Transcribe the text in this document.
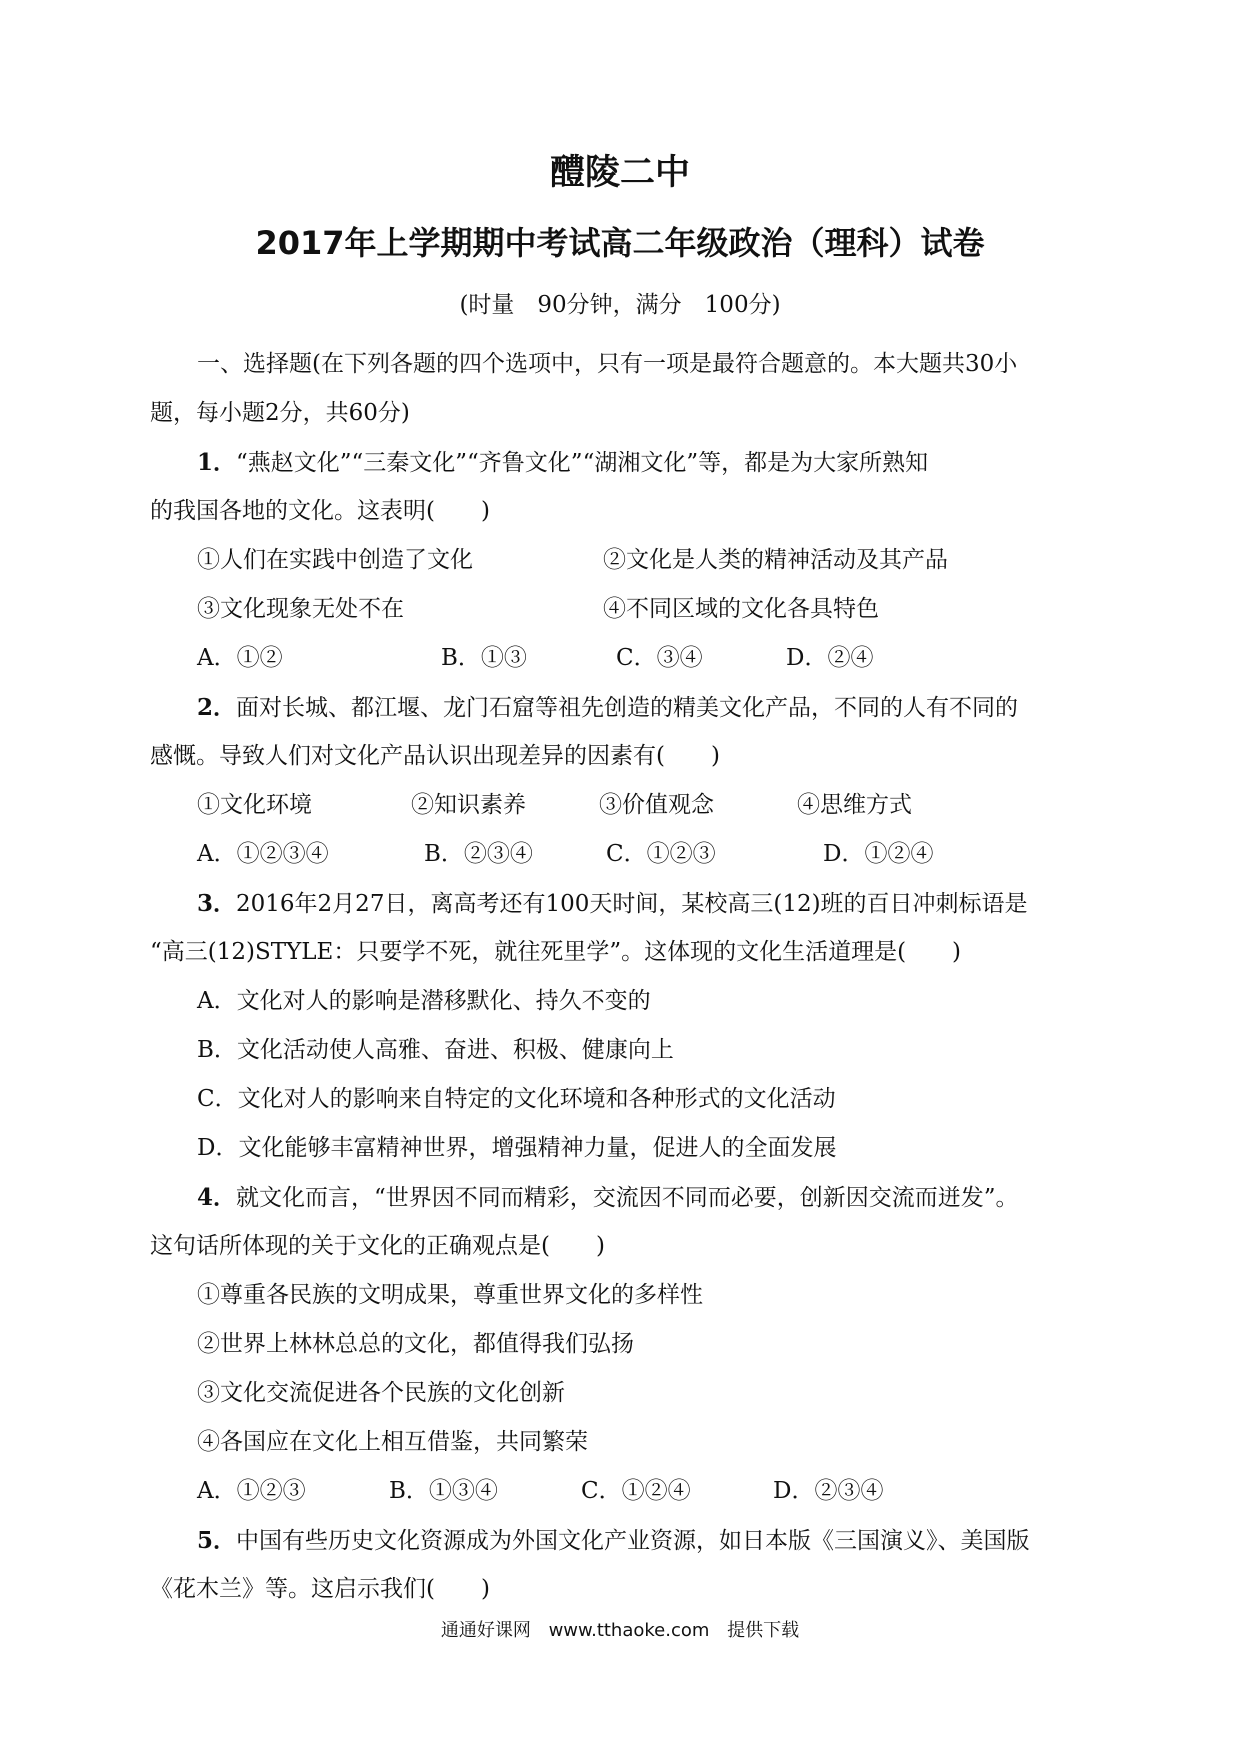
醴陵二中
2017年上学期期中考试高二年级政治（理科）试卷
(时量　90分钟，满分　100分)
一、选择题(在下列各题的四个选项中，只有一项是最符合题意的。本大题共30小
题，每小题2分，共60分)
1．“燕赵文化”“三秦文化”“齐鲁文化”“湖湘文化”等，都是为大家所熟知
的我国各地的文化。这表明(　　)
①人们在实践中创造了文化	②文化是人类的精神活动及其产品
③文化现象无处不在	④不同区域的文化各具特色
A．①②	B．①③	C．③④	D．②④
2．面对长城、都江堰、龙门石窟等祖先创造的精美文化产品，不同的人有不同的
感慨。导致人们对文化产品认识出现差异的因素有(　　)
①文化环境	②知识素养	③价值观念	④思维方式
A．①②③④	B．②③④	C．①②③	D．①②④
3．2016年2月27日，离高考还有100天时间，某校高三(12)班的百日冲刺标语是
“高三(12)STYLE：只要学不死，就往死里学”。这体现的文化生活道理是(　　)
A．文化对人的影响是潜移默化、持久不变的
B．文化活动使人高雅、奋进、积极、健康向上
C．文化对人的影响来自特定的文化环境和各种形式的文化活动
D．文化能够丰富精神世界，增强精神力量，促进人的全面发展
4．就文化而言，“世界因不同而精彩，交流因不同而必要，创新因交流而迸发”。
这句话所体现的关于文化的正确观点是(　　)
①尊重各民族的文明成果，尊重世界文化的多样性
②世界上林林总总的文化，都值得我们弘扬
③文化交流促进各个民族的文化创新
④各国应在文化上相互借鉴，共同繁荣
A．①②③	B．①③④	C．①②④	D．②③④
5．中国有些历史文化资源成为外国文化产业资源，如日本版《三国演义》、美国版
《花木兰》等。这启示我们(　　)
通通好课网 www.tthaoke.com 提供下载
